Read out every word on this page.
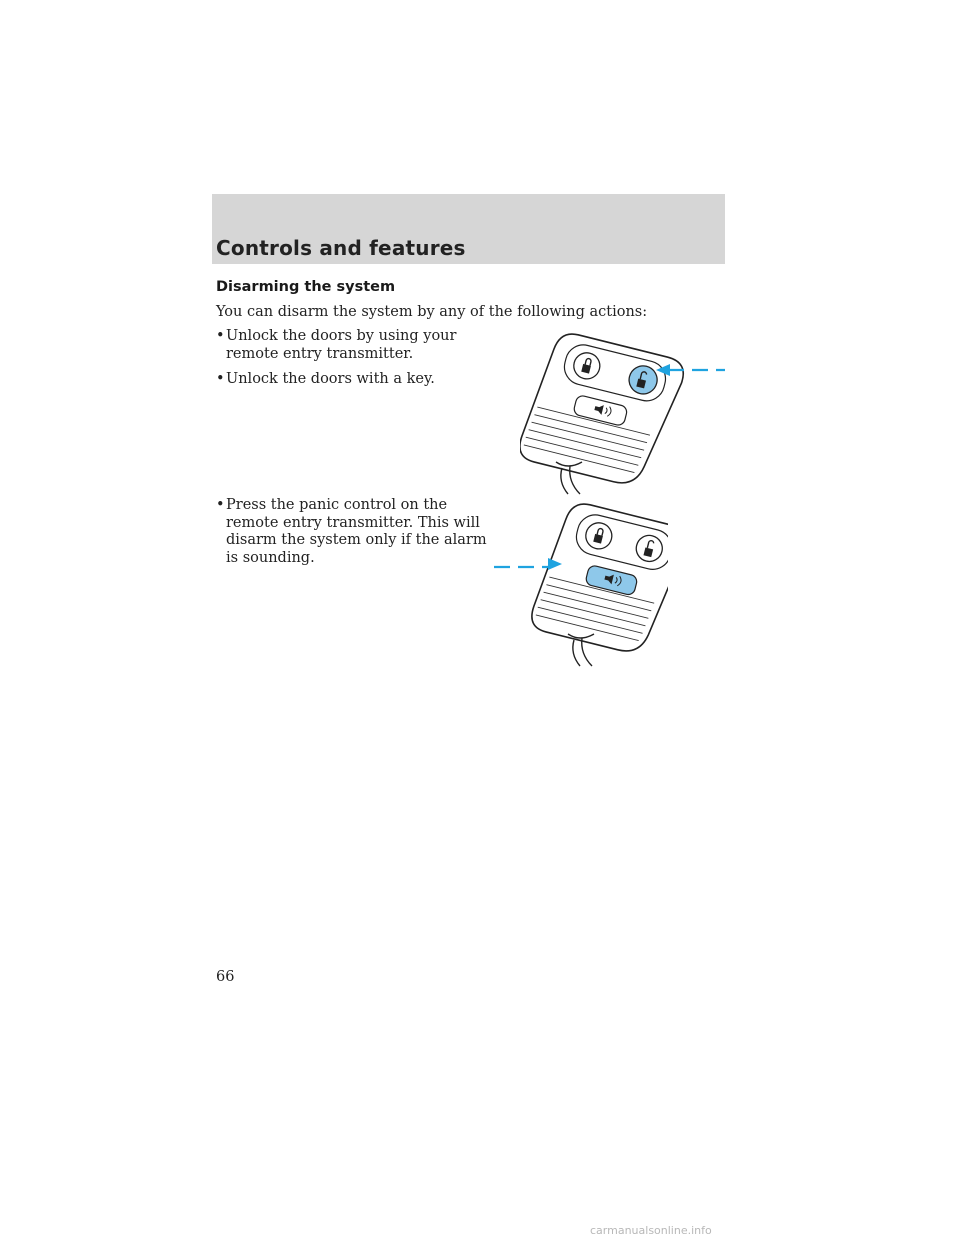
Controls and features
Disarming the system

You can disarm the system by any of the following actions:

• Unlock the doors by using your remote entry transmitter.

• Unlock the doors with a key.

• Press the panic control on the remote entry transmitter. This will disarm the system only if the alarm is sounding.

66

carmanualsonline.info
